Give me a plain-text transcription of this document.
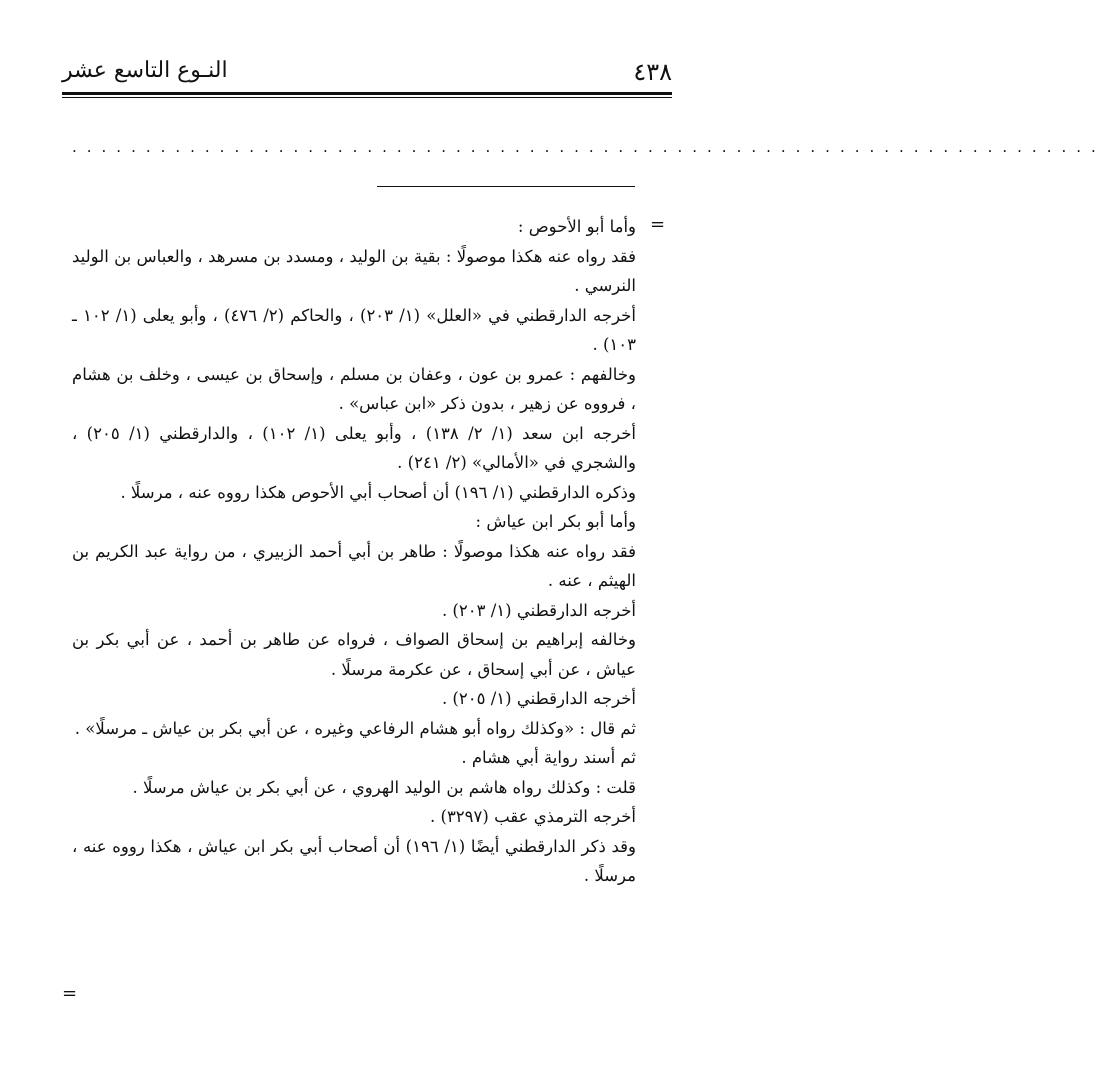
٤٣٨
النـوع التاسع عشر
......................................................................
=

وأما أبو الأحوص :

فقد رواه عنه هكذا موصولًا : بقية بن الوليد ، ومسدد بن مسرهد ، والعباس بن الوليد النرسي .

أخرجه الدارقطني في «العلل» (١/ ٢٠٣) ، والحاكم (٢/ ٤٧٦) ، وأبو يعلى (١/ ١٠٢ ـ ١٠٣) .

وخالفهم : عمرو بن عون ، وعفان بن مسلم ، وإسحاق بن عيسى ، وخلف بن هشام ، فرووه عن زهير ، بدون ذكر «ابن عباس» .

أخرجه ابن سعد (١/ ٢/ ١٣٨) ، وأبو يعلى (١/ ١٠٢) ، والدارقطني (١/ ٢٠٥) ، والشجري في «الأمالي» (٢/ ٢٤١) .

وذكره الدارقطني (١/ ١٩٦) أن أصحاب أبي الأحوص هكذا رووه عنه ، مرسلًا .

وأما أبو بكر ابن عياش :

فقد رواه عنه هكذا موصولًا : طاهر بن أبي أحمد الزبيري ، من رواية عبد الكريم بن الهيثم ، عنه .

أخرجه الدارقطني (١/ ٢٠٣) .

وخالفه إبراهيم بن إسحاق الصواف ، فرواه عن طاهر بن أحمد ، عن أبي بكر بن عياش ، عن أبي إسحاق ، عن عكرمة مرسلًا .

أخرجه الدارقطني (١/ ٢٠٥) .

ثم قال : «وكذلك رواه أبو هشام الرفاعي وغيره ، عن أبي بكر بن عياش ـ مرسلًا» .

ثم أسند رواية أبي هشام .

قلت : وكذلك رواه هاشم بن الوليد الهروي ، عن أبي بكر بن عياش مرسلًا .

أخرجه الترمذي عقب (٣٢٩٧) .

وقد ذكر الدارقطني أيضًا (١/ ١٩٦) أن أصحاب أبي بكر ابن عياش ، هكذا رووه عنه ، مرسلًا .

=
